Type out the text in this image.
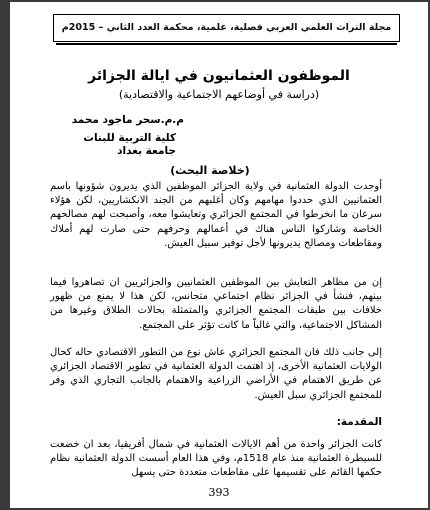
مجلة التراث العلمي العربي فصلية، علمية، محكمة العدد الثاني – 2015م
الموظفون العثمانيون في ايالة الجزائر
(دراسة في أوضاعهم الاجتماعية والاقتصادية)
م.م.سحر ماجود محمد
كلية التربية للبنات
جامعة بغداد
(خلاصة البحث)
أوجدت الدولة العثمانية في ولاية الجزائر الموظفين الذي يديرون شؤونها باسم العثمانيين الذي حددوا مهامهم وكان أغلبهم من الجند الانكشاريين، لكن هؤلاء سرعان ما انخرطوا في المجتمع الجزائري وتعايشوا معه، وأصبحت لهم مصالحهم الخاصة وشاركوا الناس هناك في أعمالهم وحرفهم حتى صارت لهم أملاك ومقاطعات ومصالح يديرونها لأجل توفير سبيل العيش.
إن من مظاهر التعايش بين الموظفين العثمانيين والجزائريين ان تصاهروا فيما بينهم، فنشأ في الجزائر نظام اجتماعي متجانس، لكن هذا لا يمنع من ظهور خلافات بين طبقات المجتمع الجزائري والمتمثلة بحالات الطلاق وغيرها من المشاكل الاجتماعية، والتي غالباً ما كانت تؤثر على المجتمع.
إلى جانب ذلك فان المجتمع الجزائري عاش نوع من التطور الاقتصادي حاله كحال الولايات العثمانية الأخرى، إذ اهتمت الدولة العثمانية في تطوير الاقتصاد الجزائري عن طريق الاهتمام في الأراضي الزراعية والاهتمام بالجانب التجاري الذي وفر للمجتمع الجزائري سبل العيش.
المقدمة:
كانت الجزائر واحدة من أهم الايالات العثمانية في شمال أفريقيا، بعد ان خضعت للسيطرة العثمانية منذ عام 1518م، وفي هذا العام أسست الدولة العثمانية نظام حكمها القائم على تقسيمها على مقاطعات متعددة حتى يسهل
393
